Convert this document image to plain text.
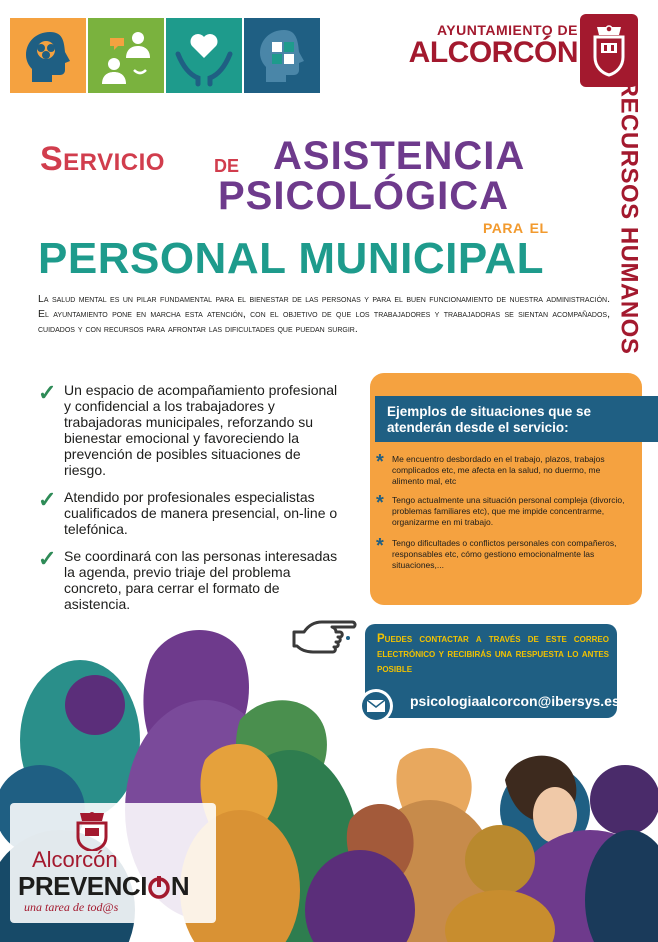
AYUNTAMIENTO DE
ALCORCÓN
RECURSOS HUMANOS
Servicio de ASISTENCIA
PSICOLÓGICA
para el
PERSONAL MUNICIPAL
La salud mental es un pilar fundamental para el bienestar de las personas y para el buen funcionamiento de nuestra administración. El ayuntamiento pone en marcha esta atención, con el objetivo de que los trabajadores y trabajadoras se sientan acompañados, cuidados y con recursos para afrontar las dificultades que puedan surgir.
✓ Un espacio de acompañamiento profesional y confidencial a los trabajadores y trabajadoras municipales, reforzando su bienestar emocional y favoreciendo la prevención de posibles situaciones de riesgo.
✓ Atendido por profesionales especialistas cualificados de manera presencial, on-line o telefónica.
✓ Se coordinará con las personas interesadas la agenda, previo triaje del problema concreto, para cerrar el formato de asistencia.
Ejemplos de situaciones que se atenderán desde el servicio:
* Me encuentro desbordado en el trabajo, plazos, trabajos complicados etc, me afecta en la salud, no duermo, me alimento mal, etc
* Tengo actualmente una situación personal compleja (divorcio, problemas familiares etc), que me impide concentrarme, organizarme en mi trabajo.
* Tengo dificultades o conflictos personales con compañeros, responsables etc, cómo gestiono emocionalmente las situaciones,...
Puedes contactar a través de este correo electrónico y recibirás una respuesta lo antes posible
psicologiaalcorcon@ibersys.es
Alcorcón
PREVENCI N
una tarea de tod@s
